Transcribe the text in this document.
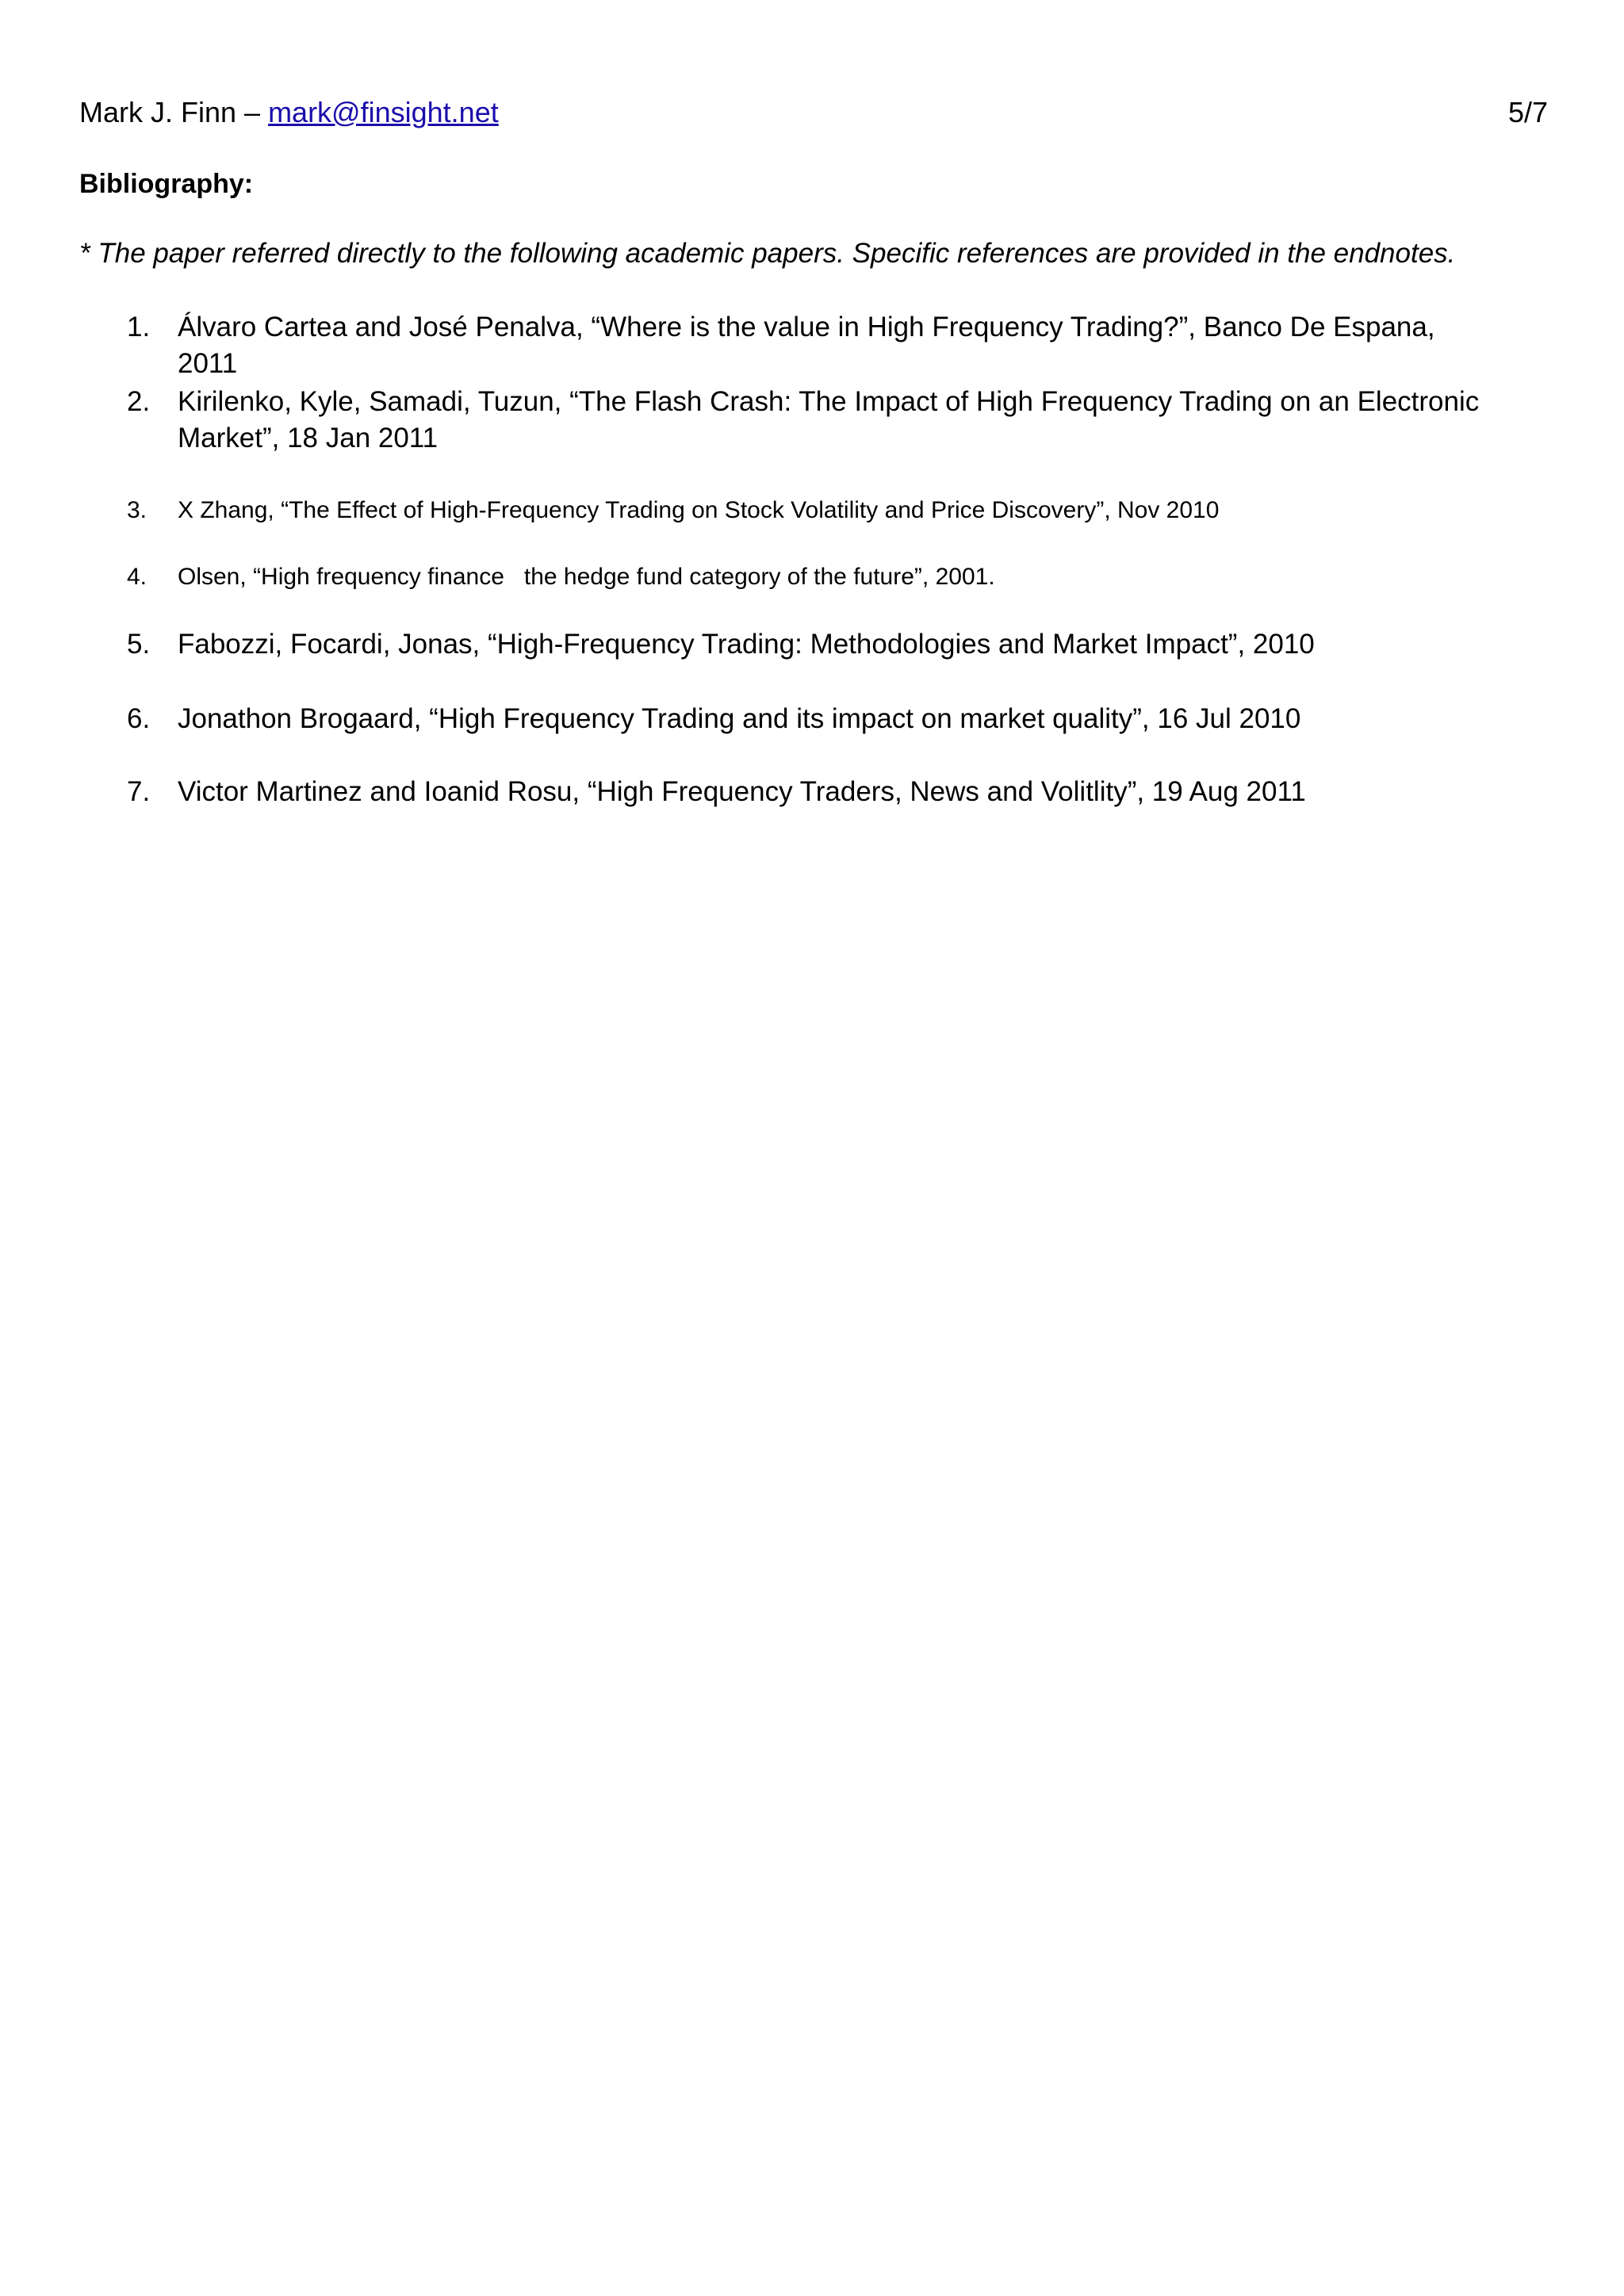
Mark J. Finn – mark@finsight.net	5/7
Bibliography:
* The paper referred directly to the following academic papers. Specific references are provided in the endnotes.
1. Álvaro Cartea and José Penalva, “Where is the value in High Frequency Trading?”, Banco De Espana, 2011
2. Kirilenko, Kyle, Samadi, Tuzun, “The Flash Crash: The Impact of High Frequency Trading on an Electronic Market”, 18 Jan 2011
3.	X Zhang, “The Effect of High-Frequency Trading on Stock Volatility and Price Discovery”, Nov 2010
4.	Olsen, “High frequency finance   the hedge fund category of the future”, 2001.
5. Fabozzi, Focardi, Jonas, “High-Frequency Trading: Methodologies and Market Impact”, 2010
6. Jonathon Brogaard, “High Frequency Trading and its impact on market quality”, 16 Jul 2010
7. Victor Martinez and Ioanid Rosu, “High Frequency Traders, News and Volitlity”, 19 Aug 2011
